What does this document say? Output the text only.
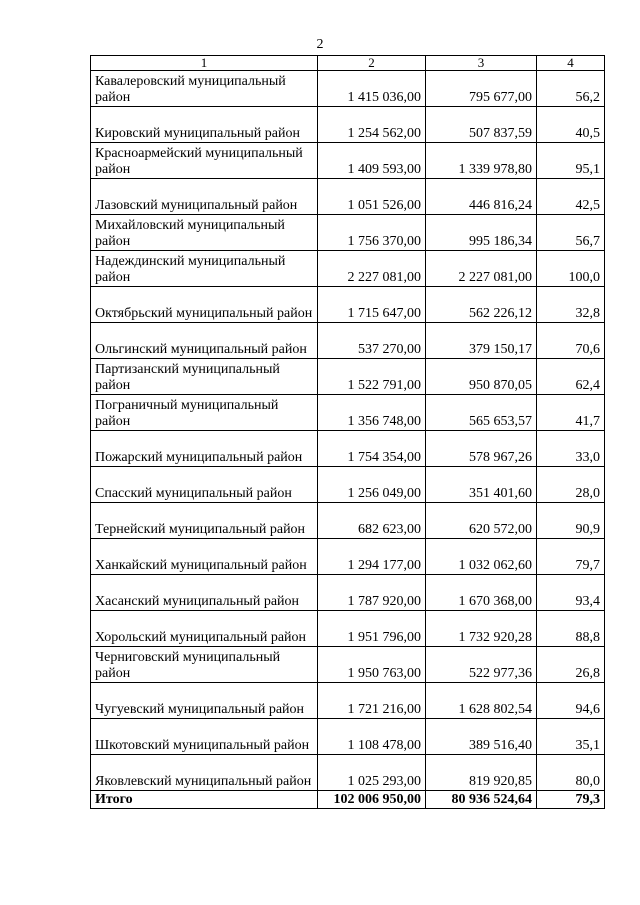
2
1	2	3	4
Кавалеровский муниципальный район	1 415 036,00	795 677,00	56,2
Кировский муниципальный район	1 254 562,00	507 837,59	40,5
Красноармейский муниципальный район	1 409 593,00	1 339 978,80	95,1
Лазовский муниципальный район	1 051 526,00	446 816,24	42,5
Михайловский муниципальный район	1 756 370,00	995 186,34	56,7
Надеждинский муниципальный район	2 227 081,00	2 227 081,00	100,0
Октябрьский муниципальный район	1 715 647,00	562 226,12	32,8
Ольгинский муниципальный район	537 270,00	379 150,17	70,6
Партизанский муниципальный район	1 522 791,00	950 870,05	62,4
Пограничный муниципальный район	1 356 748,00	565 653,57	41,7
Пожарский муниципальный район	1 754 354,00	578 967,26	33,0
Спасский муниципальный район	1 256 049,00	351 401,60	28,0
Тернейский муниципальный район	682 623,00	620 572,00	90,9
Ханкайский муниципальный район	1 294 177,00	1 032 062,60	79,7
Хасанский муниципальный район	1 787 920,00	1 670 368,00	93,4
Хорольский муниципальный район	1 951 796,00	1 732 920,28	88,8
Черниговский муниципальный район	1 950 763,00	522 977,36	26,8
Чугуевский муниципальный район	1 721 216,00	1 628 802,54	94,6
Шкотовский муниципальный район	1 108 478,00	389 516,40	35,1
Яковлевский муниципальный район	1 025 293,00	819 920,85	80,0
Итого	102 006 950,00	80 936 524,64	79,3
